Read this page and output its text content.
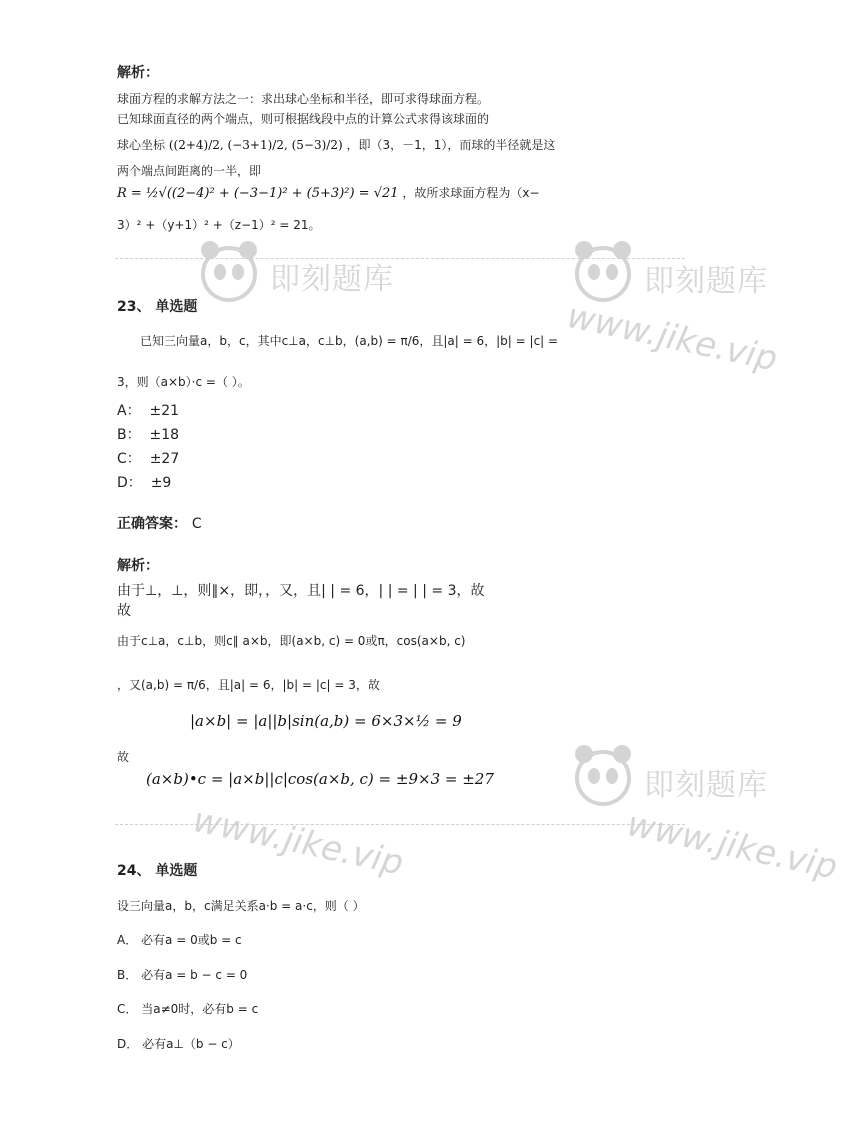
即刻题库
www.jike.vip
即刻题库
即刻题库
www.jike.vip
www.jike.vip
解析：
球面方程的求解方法之一：求出球心坐标和半径，即可求得球面方程。
已知球面直径的两个端点，则可根据线段中点的计算公式求得该球面的
球心坐标 ((2+4)/2, (−3+1)/2, (5−3)/2) ，即（3，－1，1），而球的半径就是这
两个端点间距离的一半，即
R = ½√((2−4)² + (−3−1)² + (5+3)²) = √21 ，故所求球面方程为（x−
3）² +（y+1）² +（z−1）² = 21。
23、 单选题
已知三向量a，b，c，其中c⊥a，c⊥b，(a,b) = π/6，且|a| = 6，|b| = |c| =
3，则（a×b）·c =（ ）。
A： ±21
B： ±18
C： ±27
D： ±9
正确答案： C
解析：
由于⊥，⊥，则∥×，即，，又，且| | = 6，| | = | | = 3，故
故
由于c⊥a，c⊥b，则c∥ a×b，即(a×b, c) = 0或π，cos(a×b, c)
，又(a,b) = π/6，且|a| = 6，|b| = |c| = 3，故
|a×b| = |a||b|sin(a,b) = 6×3×½ = 9
故
(a×b)•c = |a×b||c|cos(a×b, c) = ±9×3 = ±27
24、 单选题
设三向量a，b，c满足关系a·b = a·c，则（ ）
A． 必有a = 0或b = c
B． 必有a = b − c = 0
C． 当a≠0时，必有b = c
D． 必有a⊥（b − c）
